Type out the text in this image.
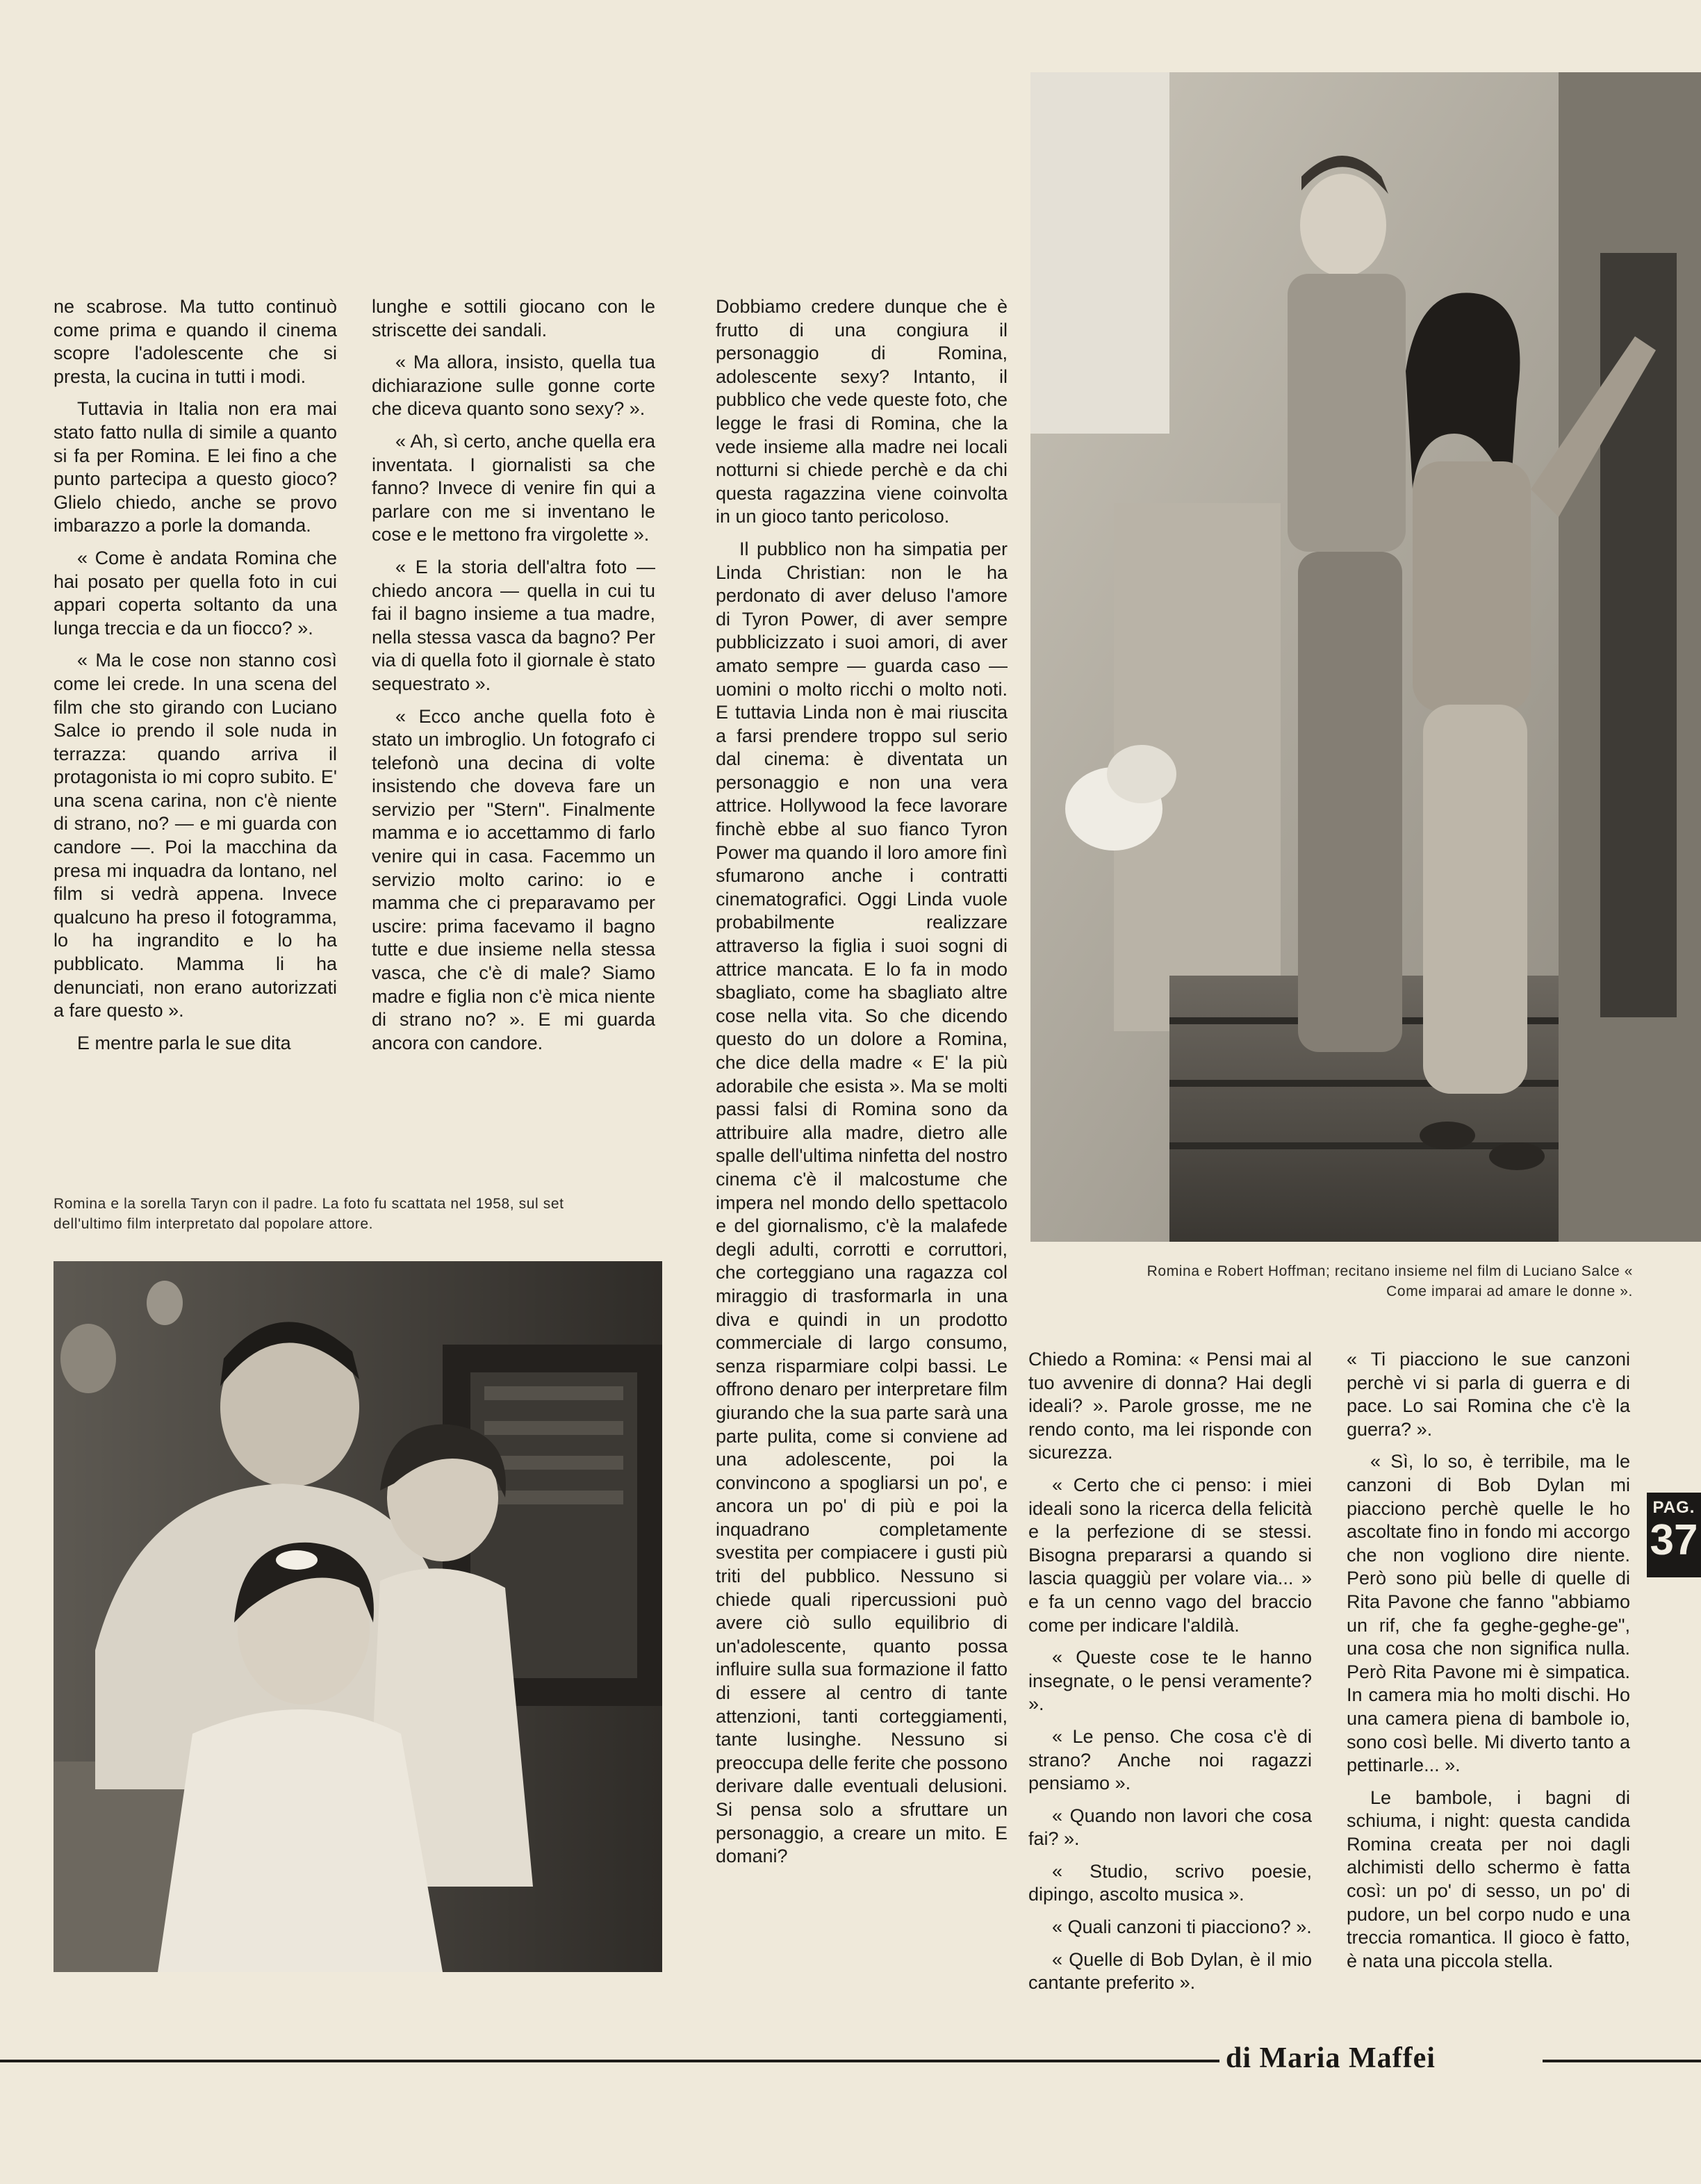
ne scabrose. Ma tutto continuò come prima e quando il cinema scopre l'adolescente che si presta, la cucina in tutti i modi.

Tuttavia in Italia non era mai stato fatto nulla di simile a quanto si fa per Romina. E lei fino a che punto partecipa a questo gioco? Glielo chiedo, anche se provo imbarazzo a porle la domanda.

« Come è andata Romina che hai posato per quella foto in cui appari coperta soltanto da una lunga treccia e da un fiocco? ».

« Ma le cose non stanno così come lei crede. In una scena del film che sto girando con Luciano Salce io prendo il sole nuda in terrazza: quando arriva il protagonista io mi copro subito. E' una scena carina, non c'è niente di strano, no? — e mi guarda con candore —. Poi la macchina da presa mi inquadra da lontano, nel film si vedrà appena. Invece qualcuno ha preso il fotogramma, lo ha ingrandito e lo ha pubblicato. Mamma li ha denunciati, non erano autorizzati a fare questo ».

E mentre parla le sue dita

lunghe e sottili giocano con le striscette dei sandali.

« Ma allora, insisto, quella tua dichiarazione sulle gonne corte che diceva quanto sono sexy? ».

« Ah, sì certo, anche quella era inventata. I giornalisti sa che fanno? Invece di venire fin qui a parlare con me si inventano le cose e le mettono fra virgolette ».

« E la storia dell'altra foto — chiedo ancora — quella in cui tu fai il bagno insieme a tua madre, nella stessa vasca da bagno? Per via di quella foto il giornale è stato sequestrato ».

« Ecco anche quella foto è stato un imbroglio. Un fotografo ci telefonò una decina di volte insistendo che doveva fare un servizio per "Stern". Finalmente mamma e io accettammo di farlo venire qui in casa. Facemmo un servizio molto carino: io e mamma che ci preparavamo per uscire: prima facevamo il bagno tutte e due insieme nella stessa vasca, che c'è di male? Siamo madre e figlia non c'è mica niente di strano no? ». E mi guarda ancora con candore.

Dobbiamo credere dunque che è frutto di una congiura il personaggio di Romina, adolescente sexy? Intanto, il pubblico che vede queste foto, che legge le frasi di Romina, che la vede insieme alla madre nei locali notturni si chiede perchè e da chi questa ragazzina viene coinvolta in un gioco tanto pericoloso.

Il pubblico non ha simpatia per Linda Christian: non le ha perdonato di aver deluso l'amore di Tyron Power, di aver sempre pubblicizzato i suoi amori, di aver amato sempre — guarda caso — uomini o molto ricchi o molto noti. E tuttavia Linda non è mai riuscita a farsi prendere troppo sul serio dal cinema: è diventata un personaggio e non una vera attrice. Hollywood la fece lavorare finchè ebbe al suo fianco Tyron Power ma quando il loro amore finì sfumarono anche i contratti cinematografici. Oggi Linda vuole probabilmente realizzare attraverso la figlia i suoi sogni di attrice mancata. E lo fa in modo sbagliato, come ha sbagliato altre cose nella vita. So che dicendo questo do un dolore a Romina, che dice della madre « E' la più adorabile che esista ». Ma se molti passi falsi di Romina sono da attribuire alla madre, dietro alle spalle dell'ultima ninfetta del nostro cinema c'è il malcostume che impera nel mondo dello spettacolo e del giornalismo, c'è la malafede degli adulti, corrotti e corruttori, che corteggiano una ragazza col miraggio di trasformarla in una diva e quindi in un prodotto commerciale di largo consumo, senza risparmiare colpi bassi. Le offrono denaro per interpretare film giurando che la sua parte sarà una parte pulita, come si conviene ad una adolescente, poi la convincono a spogliarsi un po', e ancora un po' di più e poi la inquadrano completamente svestita per compiacere i gusti più triti del pubblico. Nessuno si chiede quali ripercussioni può avere ciò sullo equilibrio di un'adolescente, quanto possa influire sulla sua formazione il fatto di essere al centro di tante attenzioni, tanti corteggiamenti, tante lusinghe. Nessuno si preoccupa delle ferite che possono derivare dalle eventuali delusioni. Si pensa solo a sfruttare un personaggio, a creare un mito. E domani?

Romina e la sorella Taryn con il padre. La foto fu scattata nel 1958, sul set dell'ultimo film interpretato dal popolare attore.
Romina e Robert Hoffman; recitano insieme nel film di Luciano Salce « Come imparai ad amare le donne ».

Chiedo a Romina: « Pensi mai al tuo avvenire di donna? Hai degli ideali? ». Parole grosse, me ne rendo conto, ma lei risponde con sicurezza.

« Certo che ci penso: i miei ideali sono la ricerca della felicità e la perfezione di se stessi. Bisogna prepararsi a quando si lascia quaggiù per volare via... » e fa un cenno vago del braccio come per indicare l'aldilà.

« Queste cose te le hanno insegnate, o le pensi veramente? ».

« Le penso. Che cosa c'è di strano? Anche noi ragazzi pensiamo ».

« Quando non lavori che cosa fai? ».

« Studio, scrivo poesie, dipingo, ascolto musica ».

« Quali canzoni ti piacciono? ».

« Quelle di Bob Dylan, è il mio cantante preferito ».

« Ti piacciono le sue canzoni perchè vi si parla di guerra e di pace. Lo sai Romina che c'è la guerra? ».

« Sì, lo so, è terribile, ma le canzoni di Bob Dylan mi piacciono perchè quelle le ho ascoltate fino in fondo mi accorgo che non vogliono dire niente. Però sono più belle di quelle di Rita Pavone che fanno "abbiamo un rif, che fa geghe-geghe-ge", una cosa che non significa nulla. Però Rita Pavone mi è simpatica. In camera mia ho molti dischi. Ho una camera piena di bambole io, sono così belle. Mi diverto tanto a pettinarle... ».

Le bambole, i bagni di schiuma, i night: questa candida Romina creata per noi dagli alchimisti dello schermo è fatta così: un po' di sesso, un po' di pudore, un bel corpo nudo e una treccia romantica. Il gioco è fatto, è nata una piccola stella.

PAG.
37
di Maria Maffei
